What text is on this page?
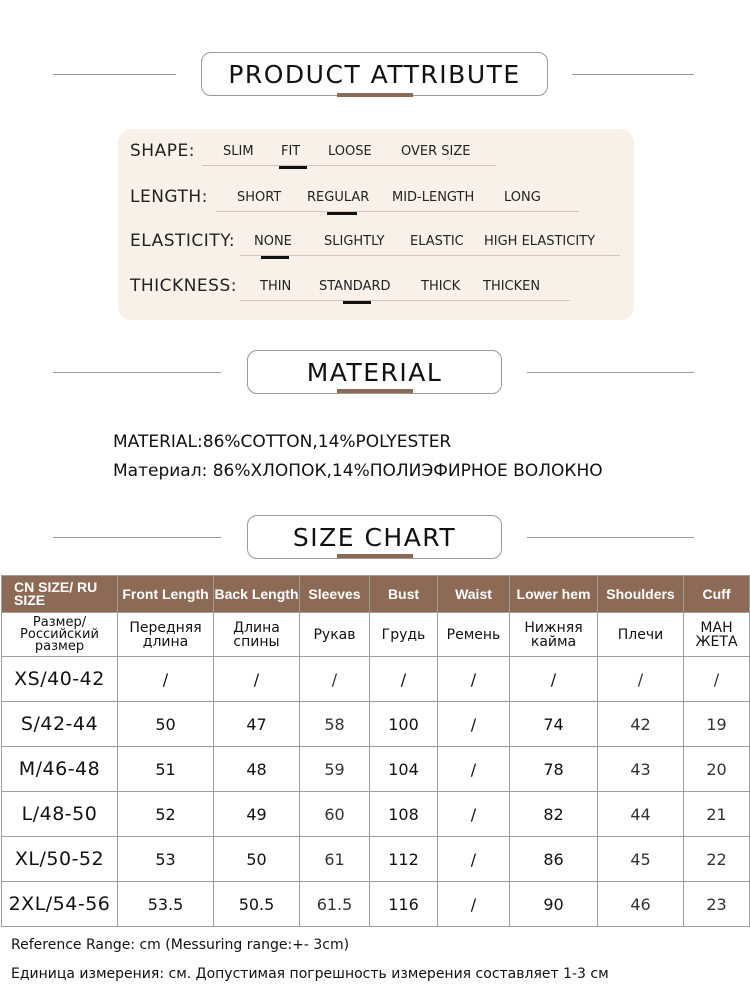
PRODUCT ATTRIBUTE
SHAPE: SLIM FIT LOOSE OVER SIZE
LENGTH: SHORT REGULAR MID-LENGTH LONG
ELASTICITY: NONE SLIGHTLY ELASTIC HIGH ELASTICITY
THICKNESS: THIN STANDARD THICK THICKEN
MATERIAL
MATERIAL:86%COTTON,14%POLYESTER
Материал: 86%ХЛОПОК,14%ПОЛИЭФИРНОЕ ВОЛОКНО
SIZE CHART
CN SIZE/ RU SIZE	Front Length	Back Length	Sleeves	Bust	Waist	Lower hem	Shoulders	Cuff
Размер/ Российский размер	Передняя длина	Длина спины	Рукав	Грудь	Ремень	Нижняя кайма	Плечи	МАН ЖЕТА
XS/40-42	/	/	/	/	/	/	/	/
S/42-44	50	47	58	100	/	74	42	19
M/46-48	51	48	59	104	/	78	43	20
L/48-50	52	49	60	108	/	82	44	21
XL/50-52	53	50	61	112	/	86	45	22
2XL/54-56	53.5	50.5	61.5	116	/	90	46	23
Reference Range: cm (Messuring range:+- 3cm)
Единица измерения: см. Допустимая погрешность измерения составляет 1-3 см
